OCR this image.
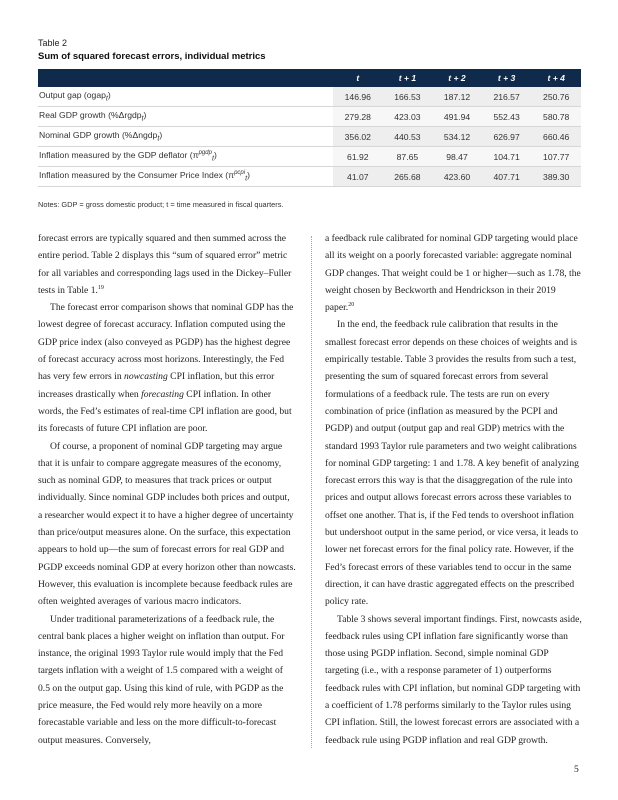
Table 2
Sum of squared forecast errors, individual metrics
	t	t + 1	t + 2	t + 3	t + 4
Output gap (ogap$_t$)	146.96	166.53	187.12	216.57	250.76
Real GDP growth (%Δrgdp$_t$)	279.28	423.03	491.94	552.43	580.78
Nominal GDP growth (%Δngdp$_t$)	356.02	440.53	534.12	626.97	660.46
Inflation measured by the GDP deflator $(\pi^{pgdp}_t)$	61.92	87.65	98.47	104.71	107.77
Inflation measured by the Consumer Price Index $(\pi^{pcpi}_t)$	41.07	265.68	423.60	407.71	389.30
Notes: GDP = gross domestic product; t = time measured in fiscal quarters.

forecast errors are typically squared and then summed across the entire period. Table 2 displays this “sum of squared error” metric for all variables and corresponding lags used in the Dickey–Fuller tests in Table 1.19

The forecast error comparison shows that nominal GDP has the lowest degree of forecast accuracy. Inflation computed using the GDP price index (also conveyed as PGDP) has the highest degree of forecast accuracy across most horizons. Interestingly, the Fed has very few errors in nowcasting CPI inflation, but this error increases drastically when forecasting CPI inflation. In other words, the Fed’s estimates of real-time CPI inflation are good, but its forecasts of future CPI inflation are poor.

Of course, a proponent of nominal GDP targeting may argue that it is unfair to compare aggregate measures of the economy, such as nominal GDP, to measures that track prices or output individually. Since nominal GDP includes both prices and output, a researcher would expect it to have a higher degree of uncertainty than price/output measures alone. On the surface, this expectation appears to hold up—the sum of forecast errors for real GDP and PGDP exceeds nominal GDP at every horizon other than nowcasts. However, this evaluation is incomplete because feedback rules are often weighted averages of various macro indicators.

Under traditional parameterizations of a feedback rule, the central bank places a higher weight on inflation than output. For instance, the original 1993 Taylor rule would imply that the Fed targets inflation with a weight of 1.5 compared with a weight of 0.5 on the output gap. Using this kind of rule, with PGDP as the price measure, the Fed would rely more heavily on a more forecastable variable and less on the more difficult-to-forecast output measures. Conversely,

a feedback rule calibrated for nominal GDP targeting would place all its weight on a poorly forecasted variable: aggregate nominal GDP changes. That weight could be 1 or higher—such as 1.78, the weight chosen by Beckworth and Hendrickson in their 2019 paper.$^{20}$

In the end, the feedback rule calibration that results in the smallest forecast error depends on these choices of weights and is empirically testable. Table 3 provides the results from such a test, presenting the sum of squared forecast errors from several formulations of a feedback rule. The tests are run on every combination of price (inflation as measured by the PCPI and PGDP) and output (output gap and real GDP) metrics with the standard 1993 Taylor rule parameters and two weight calibrations for nominal GDP targeting: 1 and 1.78. A key benefit of analyzing forecast errors this way is that the disaggregation of the rule into prices and output allows forecast errors across these variables to offset one another. That is, if the Fed tends to overshoot inflation but undershoot output in the same period, or vice versa, it leads to lower net forecast errors for the final policy rate. However, if the Fed’s forecast errors of these variables tend to occur in the same direction, it can have drastic aggregated effects on the prescribed policy rate.

Table 3 shows several important findings. First, nowcasts aside, feedback rules using CPI inflation fare significantly worse than those using PGDP inflation. Second, simple nominal GDP targeting (i.e., with a response parameter of 1) outperforms feedback rules with CPI inflation, but nominal GDP targeting with a coefficient of 1.78 performs similarly to the Taylor rules using CPI inflation. Still, the lowest forecast errors are associated with a feedback rule using PGDP inflation and real GDP growth.

5
